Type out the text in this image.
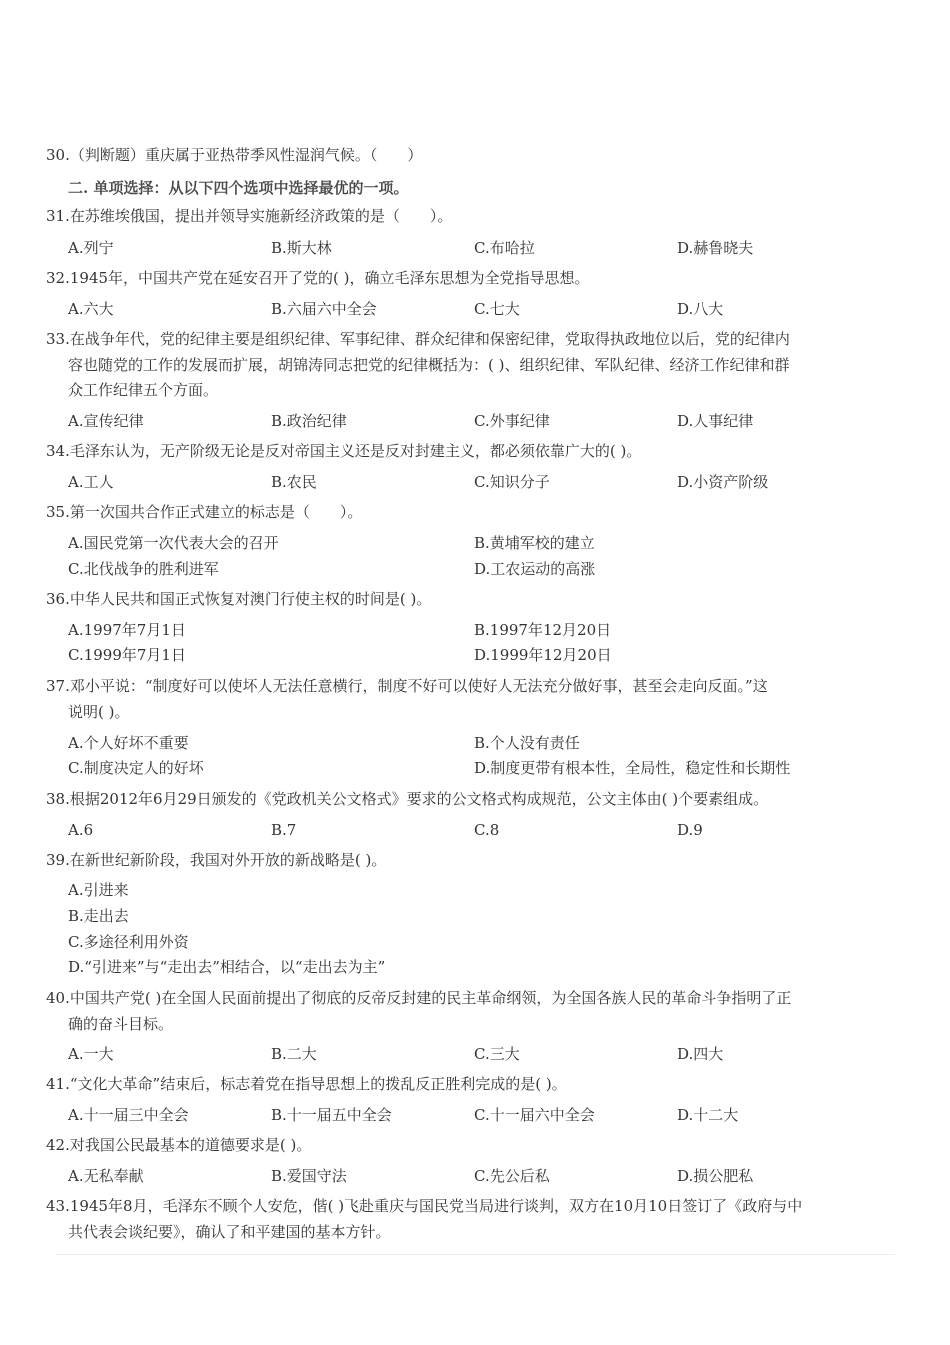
30.（判断题）重庆属于亚热带季风性湿润气候。（　　）
二. 单项选择：从以下四个选项中选择最优的一项。
31.在苏维埃俄国，提出并领导实施新经济政策的是（　　）。
A.列宁	B.斯大林	C.布哈拉	D.赫鲁晓夫
32.1945年，中国共产党在延安召开了党的( )，确立毛泽东思想为全党指导思想。
A.六大	B.六届六中全会	C.七大	D.八大
33.在战争年代，党的纪律主要是组织纪律、军事纪律、群众纪律和保密纪律，党取得执政地位以后，党的纪律内
容也随党的工作的发展而扩展，胡锦涛同志把党的纪律概括为：( )、组织纪律、军队纪律、经济工作纪律和群
众工作纪律五个方面。
A.宣传纪律	B.政治纪律	C.外事纪律	D.人事纪律
34.毛泽东认为，无产阶级无论是反对帝国主义还是反对封建主义，都必须依靠广大的( )。
A.工人	B.农民	C.知识分子	D.小资产阶级
35.第一次国共合作正式建立的标志是（　　）。
A.国民党第一次代表大会的召开	B.黄埔军校的建立
C.北伐战争的胜利进军	D.工农运动的高涨
36.中华人民共和国正式恢复对澳门行使主权的时间是( )。
A.1997年7月1日	B.1997年12月20日
C.1999年7月1日	D.1999年12月20日
37.邓小平说：“制度好可以使坏人无法任意横行，制度不好可以使好人无法充分做好事，甚至会走向反面。”这
说明( )。
A.个人好坏不重要	B.个人没有责任
C.制度决定人的好坏	D.制度更带有根本性，全局性，稳定性和长期性
38.根据2012年6月29日颁发的《党政机关公文格式》要求的公文格式构成规范，公文主体由( )个要素组成。
A.6	B.7	C.8	D.9
39.在新世纪新阶段，我国对外开放的新战略是( )。
A.引进来
B.走出去
C.多途径利用外资
D.“引进来”与“走出去”相结合，以“走出去为主”
40.中国共产党( )在全国人民面前提出了彻底的反帝反封建的民主革命纲领，为全国各族人民的革命斗争指明了正
确的奋斗目标。
A.一大	B.二大	C.三大	D.四大
41.“文化大革命”结束后，标志着党在指导思想上的拨乱反正胜利完成的是( )。
A.十一届三中全会	B.十一届五中全会	C.十一届六中全会	D.十二大
42.对我国公民最基本的道德要求是( )。
A.无私奉献	B.爱国守法	C.先公后私	D.损公肥私
43.1945年8月，毛泽东不顾个人安危，偕( )飞赴重庆与国民党当局进行谈判，双方在10月10日签订了《政府与中
共代表会谈纪要》，确认了和平建国的基本方针。
